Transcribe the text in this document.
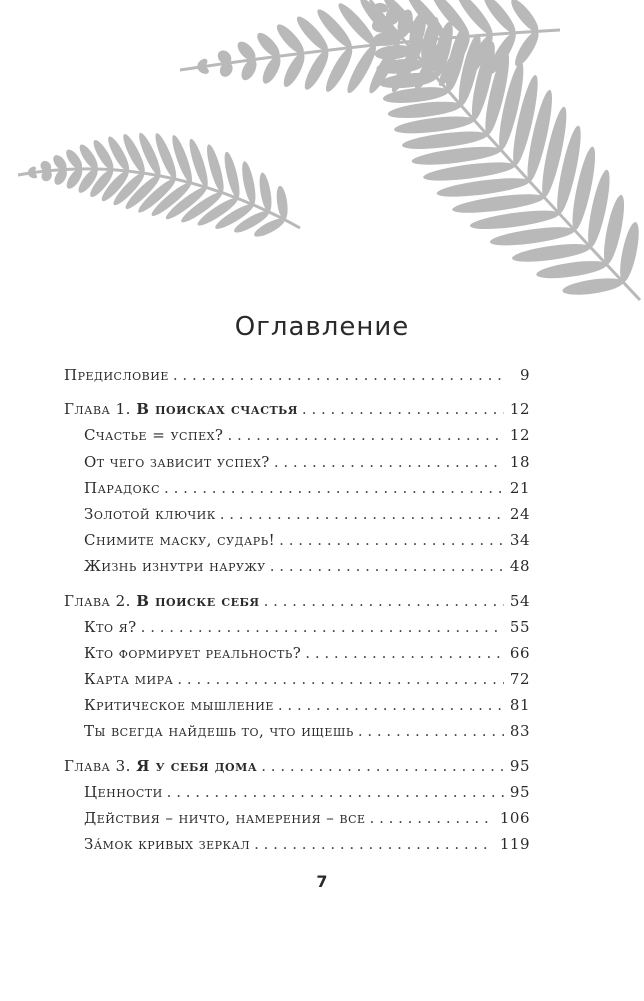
Оглавление
Предисловие . . .	9
Глава 1. В поисках счастья . . .	12
Счастье = успех? . . .	12
От чего зависит успех? . . .	18
Парадокс . . .	21
Золотой ключик . . .	24
Снимите маску, сударь! . . .	34
Жизнь изнутри наружу . . .	48
Глава 2. В поиске себя . . .	54
Кто я? . . .	55
Кто формирует реальность? . . .	66
Карта мира . . .	72
Критическое мышление . . .	81
Ты всегда найдешь то, что ищешь . . .	83
Глава 3. Я у себя дома . . .	95
Ценности . . .	95
Действия – ничто, намерения – все . . .	106
За́мок кривых зеркал . . .	119
7
